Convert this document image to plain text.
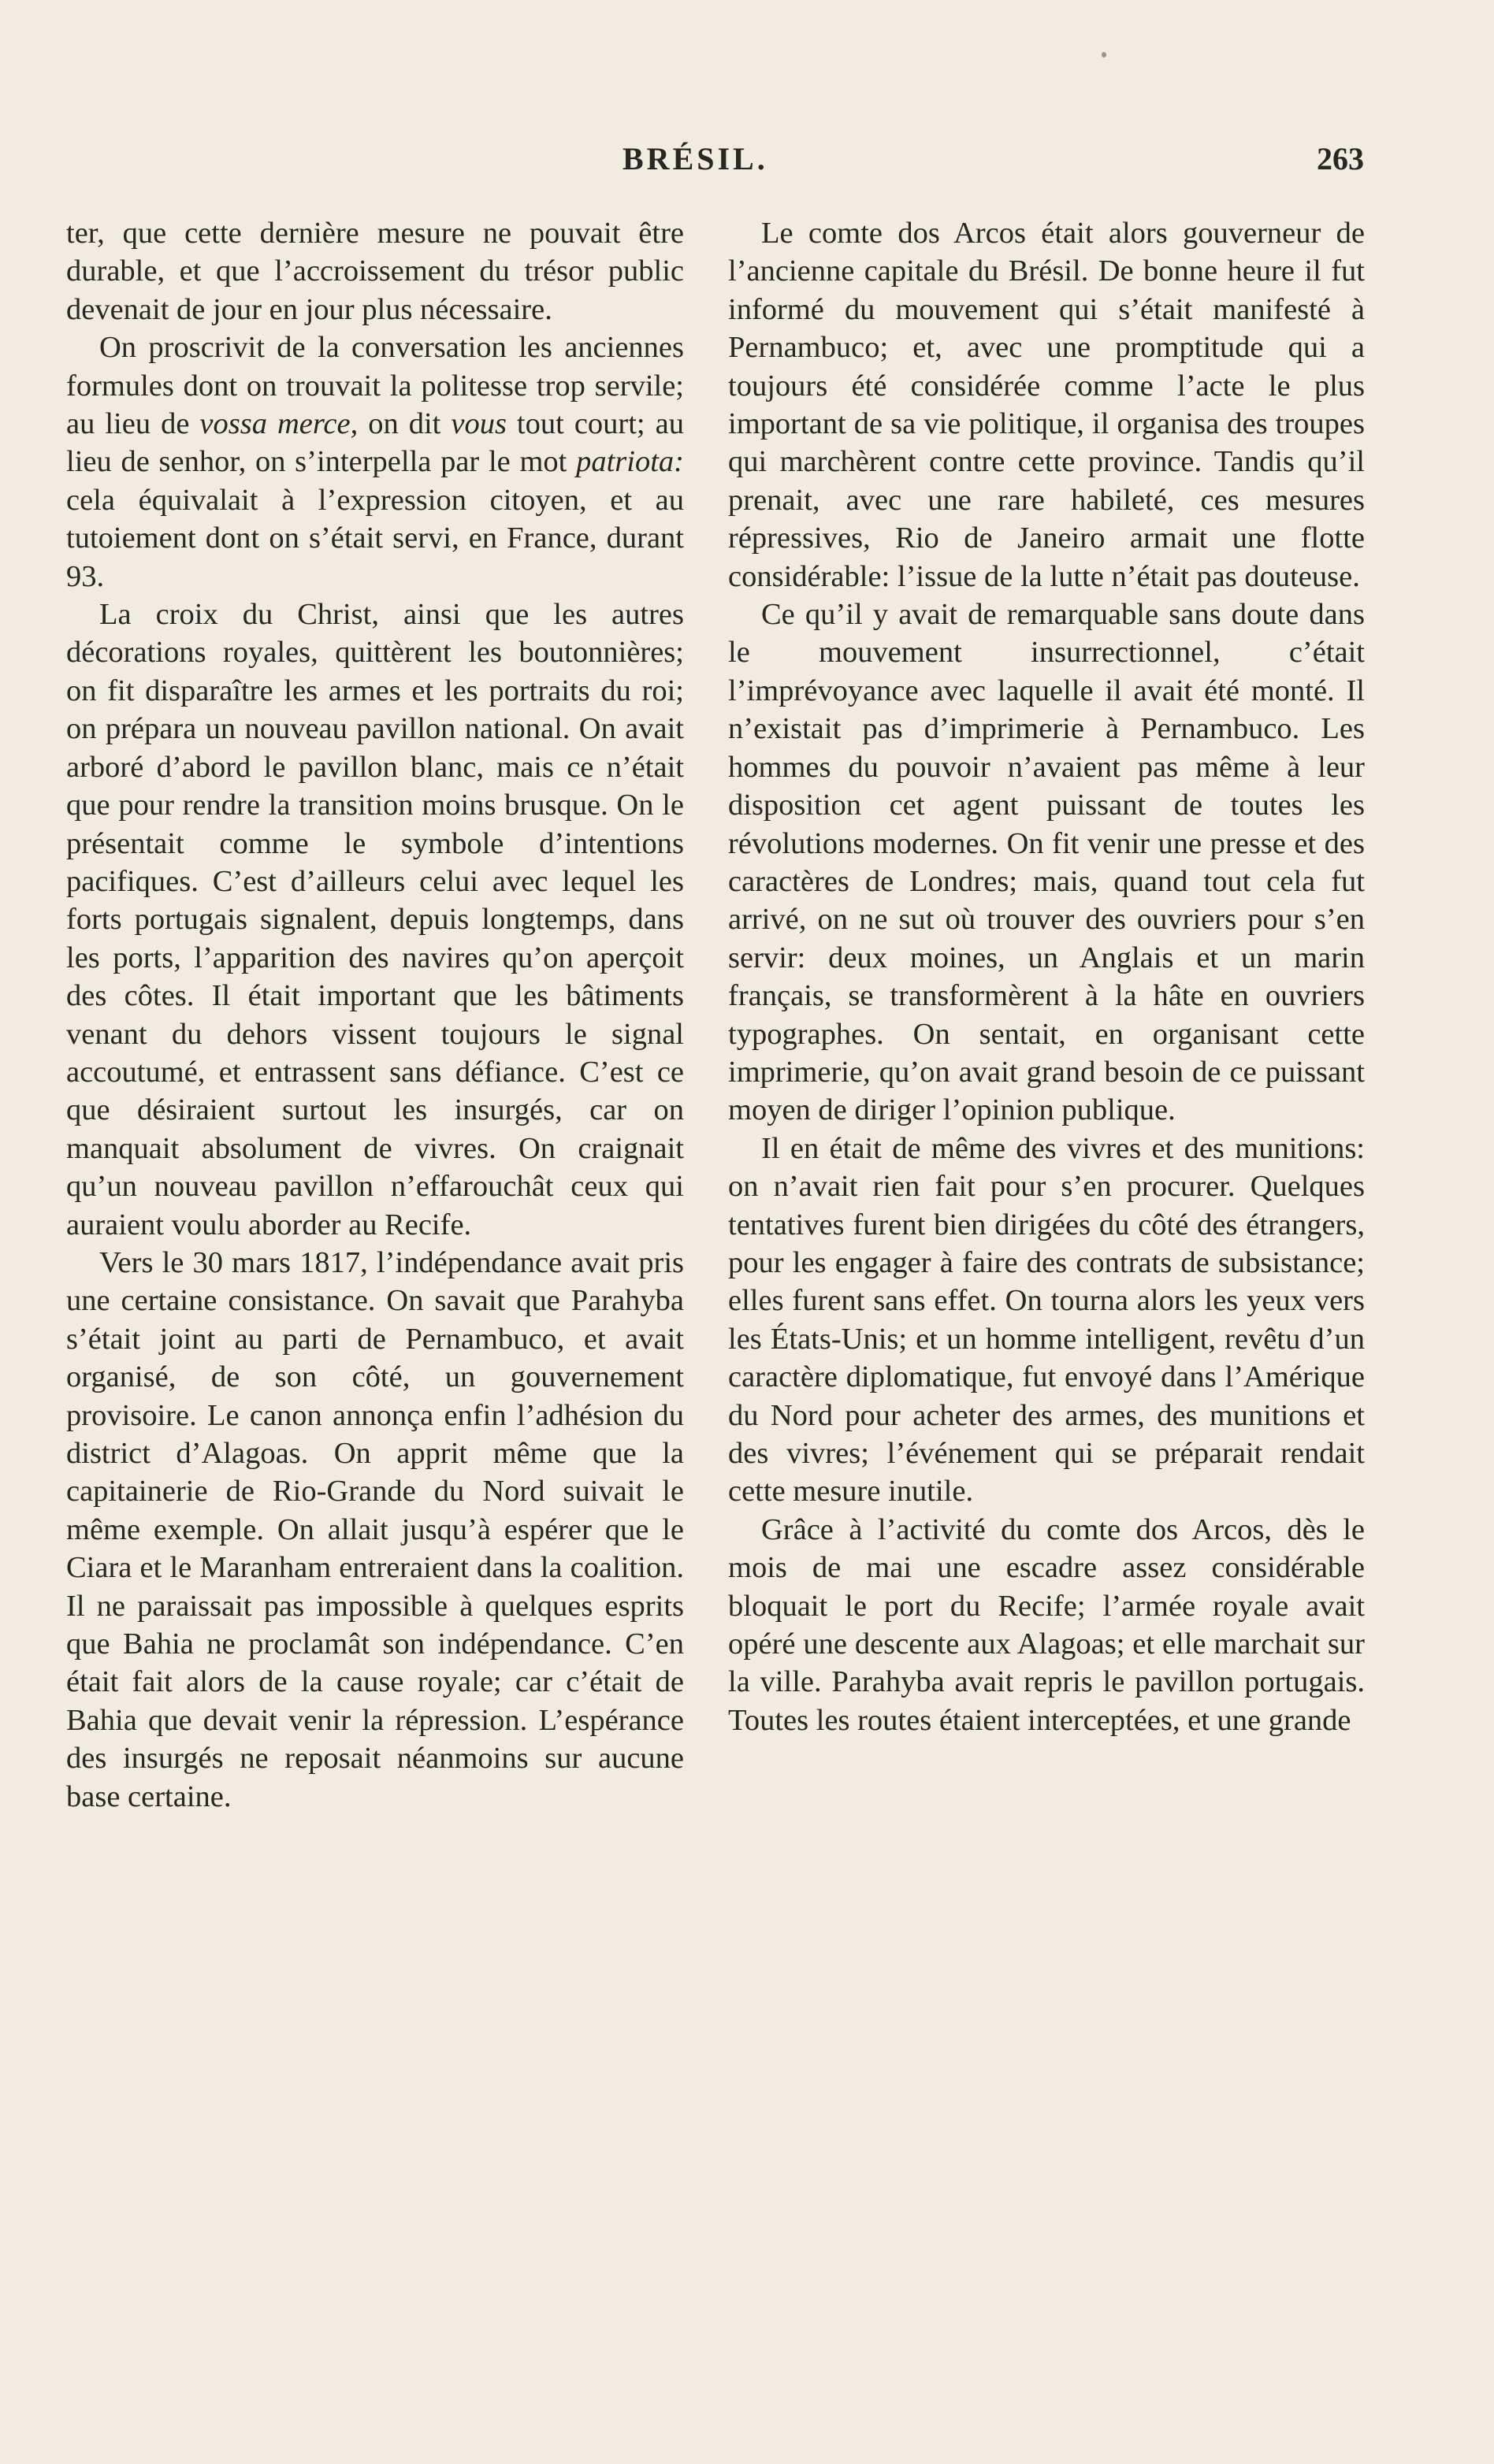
BRÉSIL.	263

ter, que cette dernière mesure ne pouvait être durable, et que l’accroissement du trésor public devenait de jour en jour plus nécessaire.

On proscrivit de la conversation les anciennes formules dont on trouvait la politesse trop servile; au lieu de vossa merce, on dit vous tout court; au lieu de senhor, on s’interpella par le mot patriota: cela équivalait à l’expression citoyen, et au tutoiement dont on s’était servi, en France, durant 93.

La croix du Christ, ainsi que les autres décorations royales, quittèrent les boutonnières; on fit disparaître les armes et les portraits du roi; on prépara un nouveau pavillon national. On avait arboré d’abord le pavillon blanc, mais ce n’était que pour rendre la transition moins brusque. On le présentait comme le symbole d’intentions pacifiques. C’est d’ailleurs celui avec lequel les forts portugais signalent, depuis longtemps, dans les ports, l’apparition des navires qu’on aperçoit des côtes. Il était important que les bâtiments venant du dehors vissent toujours le signal accoutumé, et entrassent sans défiance. C’est ce que désiraient surtout les insurgés, car on manquait absolument de vivres. On craignait qu’un nouveau pavillon n’effarouchât ceux qui auraient voulu aborder au Recife.

Vers le 30 mars 1817, l’indépendance avait pris une certaine consistance. On savait que Parahyba s’était joint au parti de Pernambuco, et avait organisé, de son côté, un gouvernement provisoire. Le canon annonça enfin l’adhésion du district d’Alagoas. On apprit même que la capitainerie de Rio-Grande du Nord suivait le même exemple. On allait jusqu’à espérer que le Ciara et le Maranham entreraient dans la coalition. Il ne paraissait pas impossible à quelques esprits que Bahia ne proclamât son indépendance. C’en était fait alors de la cause royale; car c’était de Bahia que devait venir la répression. L’espérance des insurgés ne reposait néanmoins sur aucune base certaine.

Le comte dos Arcos était alors gouverneur de l’ancienne capitale du Brésil. De bonne heure il fut informé du mouvement qui s’était manifesté à Pernambuco; et, avec une promptitude qui a toujours été considérée comme l’acte le plus important de sa vie politique, il organisa des troupes qui marchèrent contre cette province. Tandis qu’il prenait, avec une rare habileté, ces mesures répressives, Rio de Janeiro armait une flotte considérable: l’issue de la lutte n’était pas douteuse.

Ce qu’il y avait de remarquable sans doute dans le mouvement insurrectionnel, c’était l’imprévoyance avec laquelle il avait été monté. Il n’existait pas d’imprimerie à Pernambuco. Les hommes du pouvoir n’avaient pas même à leur disposition cet agent puissant de toutes les révolutions modernes. On fit venir une presse et des caractères de Londres; mais, quand tout cela fut arrivé, on ne sut où trouver des ouvriers pour s’en servir: deux moines, un Anglais et un marin français, se transformèrent à la hâte en ouvriers typographes. On sentait, en organisant cette imprimerie, qu’on avait grand besoin de ce puissant moyen de diriger l’opinion publique.

Il en était de même des vivres et des munitions: on n’avait rien fait pour s’en procurer. Quelques tentatives furent bien dirigées du côté des étrangers, pour les engager à faire des contrats de subsistance; elles furent sans effet. On tourna alors les yeux vers les États-Unis; et un homme intelligent, revêtu d’un caractère diplomatique, fut envoyé dans l’Amérique du Nord pour acheter des armes, des munitions et des vivres; l’événement qui se préparait rendait cette mesure inutile.

Grâce à l’activité du comte dos Arcos, dès le mois de mai une escadre assez considérable bloquait le port du Recife; l’armée royale avait opéré une descente aux Alagoas; et elle marchait sur la ville. Parahyba avait repris le pavillon portugais. Toutes les routes étaient interceptées, et une grande
